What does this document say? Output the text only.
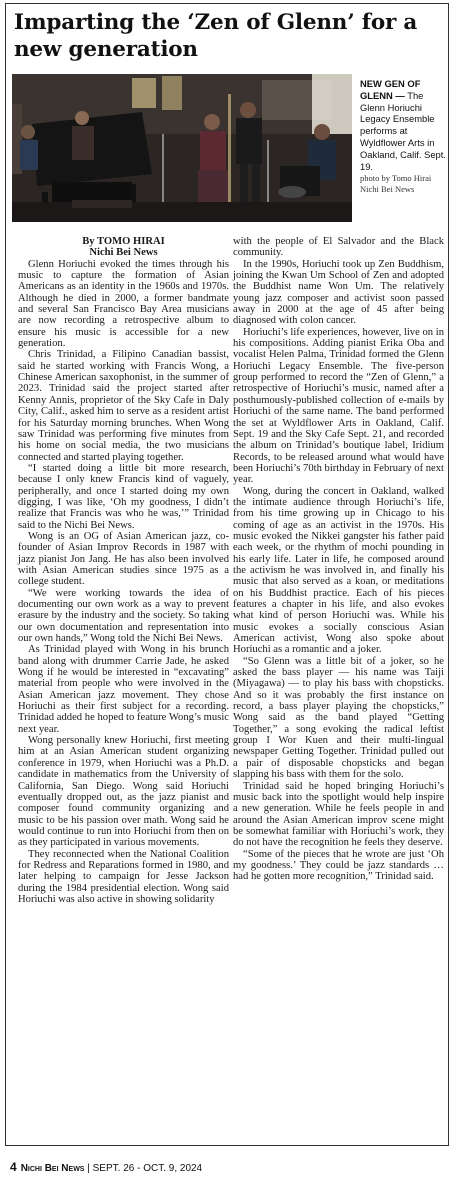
Imparting the ‘Zen of Glenn’ for a new generation
NEW GEN OF GLENN — The Glenn Horiuchi Legacy Ensemble performs at Wyldflower Arts in Oakland, Calif. Sept. 19.
photo by Tomo Hirai Nichi Bei News
By TOMO HIRAI
Nichi Bei News

Glenn Horiuchi evoked the times through his music to capture the formation of Asian Americans as an identity in the 1960s and 1970s. Although he died in 2000, a former bandmate and several San Francisco Bay Area musicians are now recording a retrospective album to ensure his music is accessible for a new generation.

Chris Trinidad, a Filipino Canadian bassist, said he started working with Francis Wong, a Chinese American saxophonist, in the summer of 2023. Trinidad said the project started after Kenny Annis, proprietor of the Sky Cafe in Daly City, Calif., asked him to serve as a resident artist for his Saturday morning brunches. When Wong saw Trinidad was performing five minutes from his home on social media, the two musicians connected and started playing together.

“I started doing a little bit more research, because I only knew Francis kind of vaguely, peripherally, and once I started doing my own digging, I was like, ‘Oh my goodness, I didn’t realize that Francis was who he was,’” Trinidad said to the Nichi Bei News.

Wong is an OG of Asian American jazz, co-founder of Asian Improv Records in 1987 with jazz pianist Jon Jang. He has also been involved with Asian American studies since 1975 as a college student.

“We were working towards the idea of documenting our own work as a way to prevent erasure by the industry and the society. So taking our own documentation and representation into our own hands,” Wong told the Nichi Bei News.

As Trinidad played with Wong in his brunch band along with drummer Carrie Jade, he asked Wong if he would be interested in “excavating” material from people who were involved in the Asian American jazz movement. They chose Horiuchi as their first subject for a recording. Trinidad added he hoped to feature Wong’s music next year.

Wong personally knew Horiuchi, first meeting him at an Asian American student organizing conference in 1979, when Horiuchi was a Ph.D. candidate in mathematics from the University of California, San Diego. Wong said Horiuchi eventually dropped out, as the jazz pianist and composer found community organizing and music to be his passion over math. Wong said he would continue to run into Horiuchi from then on as they participated in various movements.

They reconnected when the National Coalition for Redress and Reparations formed in 1980, and later helping to campaign for Jesse Jackson during the 1984 presidential election. Wong said Horiuchi was also active in showing solidarity

with the people of El Salvador and the Black community.

In the 1990s, Horiuchi took up Zen Buddhism, joining the Kwan Um School of Zen and adopted the Buddhist name Won Um. The relatively young jazz composer and activist soon passed away in 2000 at the age of 45 after being diagnosed with colon cancer.

Horiuchi’s life experiences, however, live on in his compositions. Adding pianist Erika Oba and vocalist Helen Palma, Trinidad formed the Glenn Horiuchi Legacy Ensemble. The five-person group performed to record the “Zen of Glenn,” a retrospective of Horiuchi’s music, named after a posthumously-published collection of e-mails by Horiuchi of the same name. The band performed the set at Wyldflower Arts in Oakland, Calif. Sept. 19 and the Sky Cafe Sept. 21, and recorded the album on Trinidad’s boutique label, Iridium Records, to be released around what would have been Horiuchi’s 70th birthday in February of next year.

Wong, during the concert in Oakland, walked the intimate audience through Horiuchi’s life, from his time growing up in Chicago to his coming of age as an activist in the 1970s. His music evoked the Nikkei gangster his father paid each week, or the rhythm of mochi pounding in his early life. Later in life, he composed around the activism he was involved in, and finally his music that also served as a koan, or meditations on his Buddhist practice. Each of his pieces features a chapter in his life, and also evokes what kind of person Horiuchi was. While his music evokes a socially conscious Asian American activist, Wong also spoke about Horiuchi as a romantic and a joker.

“So Glenn was a little bit of a joker, so he asked the bass player — his name was Taiji (Miyagawa) — to play his bass with chopsticks. And so it was probably the first instance on record, a bass player playing the chopsticks,” Wong said as the band played “Getting Together,” a song evoking the radical leftist group I Wor Kuen and their multi-lingual newspaper Getting Together. Trinidad pulled out a pair of disposable chopsticks and began slapping his bass with them for the solo.

Trinidad said he hoped bringing Horiuchi’s music back into the spotlight would help inspire a new generation. While he feels people in and around the Asian American improv scene might be somewhat familiar with Horiuchi’s work, they do not have the recognition he feels they deserve.

“Some of the pieces that he wrote are just ‘Oh my goodness.’ They could be jazz standards … had he gotten more recognition,” Trinidad said.

4 Nichi Bei News | SEPT. 26 - OCT. 9, 2024
